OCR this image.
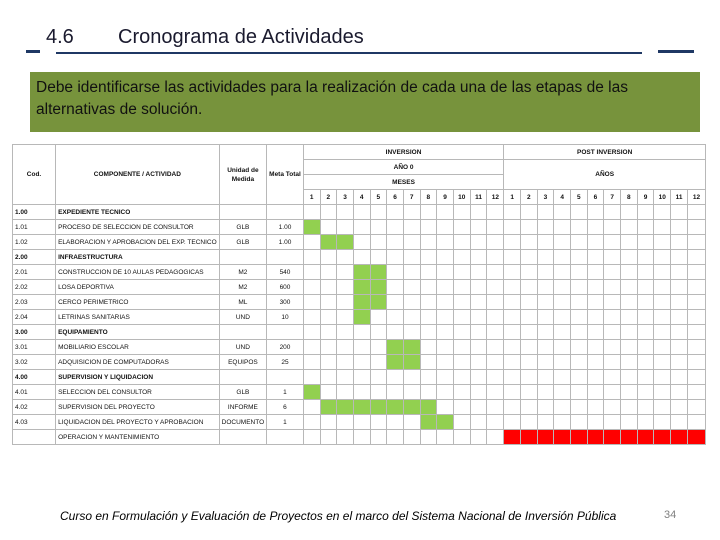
4.6 Cronograma de Actividades

Debe identificarse las actividades para la realización de cada una de las etapas de las alternativas de solución.

Cod.	COMPONENTE / ACTIVIDAD	Unidad de Medida	Meta Total	INVERSION												POST INVERSION											
				AÑO 0												AÑOS											
				MESES																							
				1	2	3	4	5	6	7	8	9	10	11	12	1	2	3	4	5	6	7	8	9	10	11	12
1.00	EXPEDIENTE TECNICO																										
1.01	PROCESO DE SELECCION DE CONSULTOR	GLB	1.00																								
1.02	ELABORACION Y APROBACION DEL EXP. TECNICO	GLB	1.00																								
2.00	INFRAESTRUCTURA																										
2.01	CONSTRUCCION DE 10 AULAS PEDAGOGICAS	M2	540																								
2.02	LOSA DEPORTIVA	M2	600																								
2.03	CERCO PERIMETRICO	ML	300																								
2.04	LETRINAS SANITARIAS	UND	10																								
3.00	EQUIPAMIENTO																										
3.01	MOBILIARIO ESCOLAR	UND	200																								
3.02	ADQUISICION DE COMPUTADORAS	EQUIPOS	25																								
4.00	SUPERVISION Y LIQUIDACION																										
4.01	SELECCION DEL CONSULTOR	GLB	1																								
4.02	SUPERVISION DEL PROYECTO	INFORME	6																								
4.03	LIQUIDACION DEL PROYECTO Y APROBACION	DOCUMENTO	1																								
	OPERACION Y MANTENIMIENTO																										
Curso en Formulación y Evaluación de Proyectos en el marco del Sistema Nacional de Inversión Pública	34
